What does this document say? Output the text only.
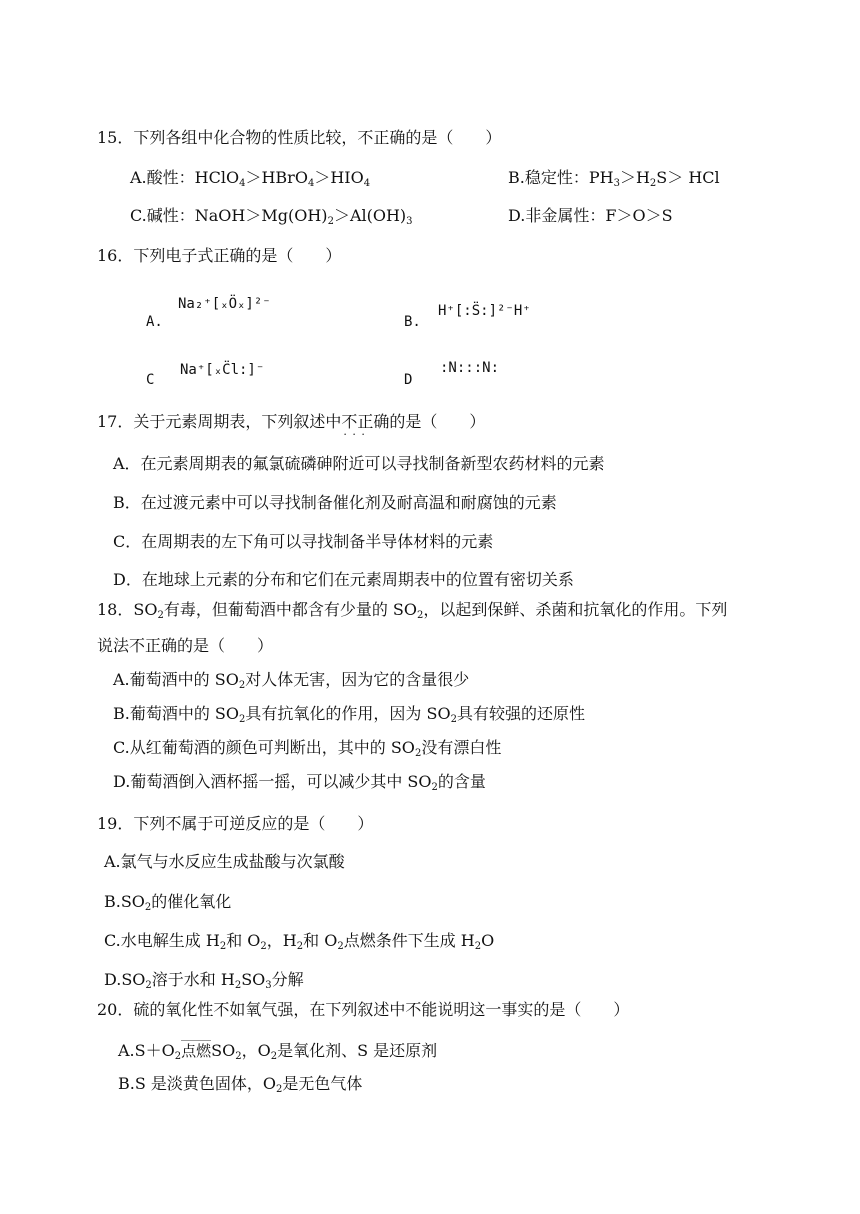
15．下列各组中化合物的性质比较，不正确的是（　　）
A.酸性：$HClO_4>HBrO_4>HIO_4$	B.稳定性：$PH_3>H_2S>$ HCl
C.碱性：$NaOH>Mg(OH)_2>Al(OH)_3$	D.非金属性：F＞O＞S
16．下列电子式正确的是（　　）
A.
Na₂⁺[ₓÖₓ]²⁻
B.
H⁺[:S̈:]²⁻H⁺
C
Na⁺[ₓC̈l:]⁻
D
:N:::N:
17．关于元素周期表，下列叙述中不正确 · · ·的是（　　）
A．在元素周期表的氟氯硫磷砷附近可以寻找制备新型农药材料的元素
B．在过渡元素中可以寻找制备催化剂及耐高温和耐腐蚀的元素
C．在周期表的左下角可以寻找制备半导体材料的元素
D．在地球上元素的分布和它们在元素周期表中的位置有密切关系
18．$SO_2$有毒，但葡萄酒中都含有少量的 $SO_2$，以起到保鲜、杀菌和抗氧化的作用。下列
说法不正确的是（　　）
A.葡萄酒中的 $SO_2$对人体无害，因为它的含量很少
B.葡萄酒中的 $SO_2$具有抗氧化的作用，因为 $SO_2$具有较强的还原性
C.从红葡萄酒的颜色可判断出，其中的 $SO_2$没有漂白性
D.葡萄酒倒入酒杯摇一摇，可以减少其中 $SO_2$的含量
19．下列不属于可逆反应的是（　　）
A.氯气与水反应生成盐酸与次氯酸
$B.SO_2$的催化氧化
C.水电解生成 $H_2$和 $O_2$，$H_2$和 $O_2$点燃条件下生成 $H_2O$
$D.SO_2$溶于水和 $H_2SO_3$分解
20．硫的氧化性不如氧气强，在下列叙述中不能说明这一事实的是（　　）
$A.S+O_2$点燃$SO_2$，$O_2$是氧化剂、S 是还原剂
B.S 是淡黄色固体，$O_2$是无色气体
